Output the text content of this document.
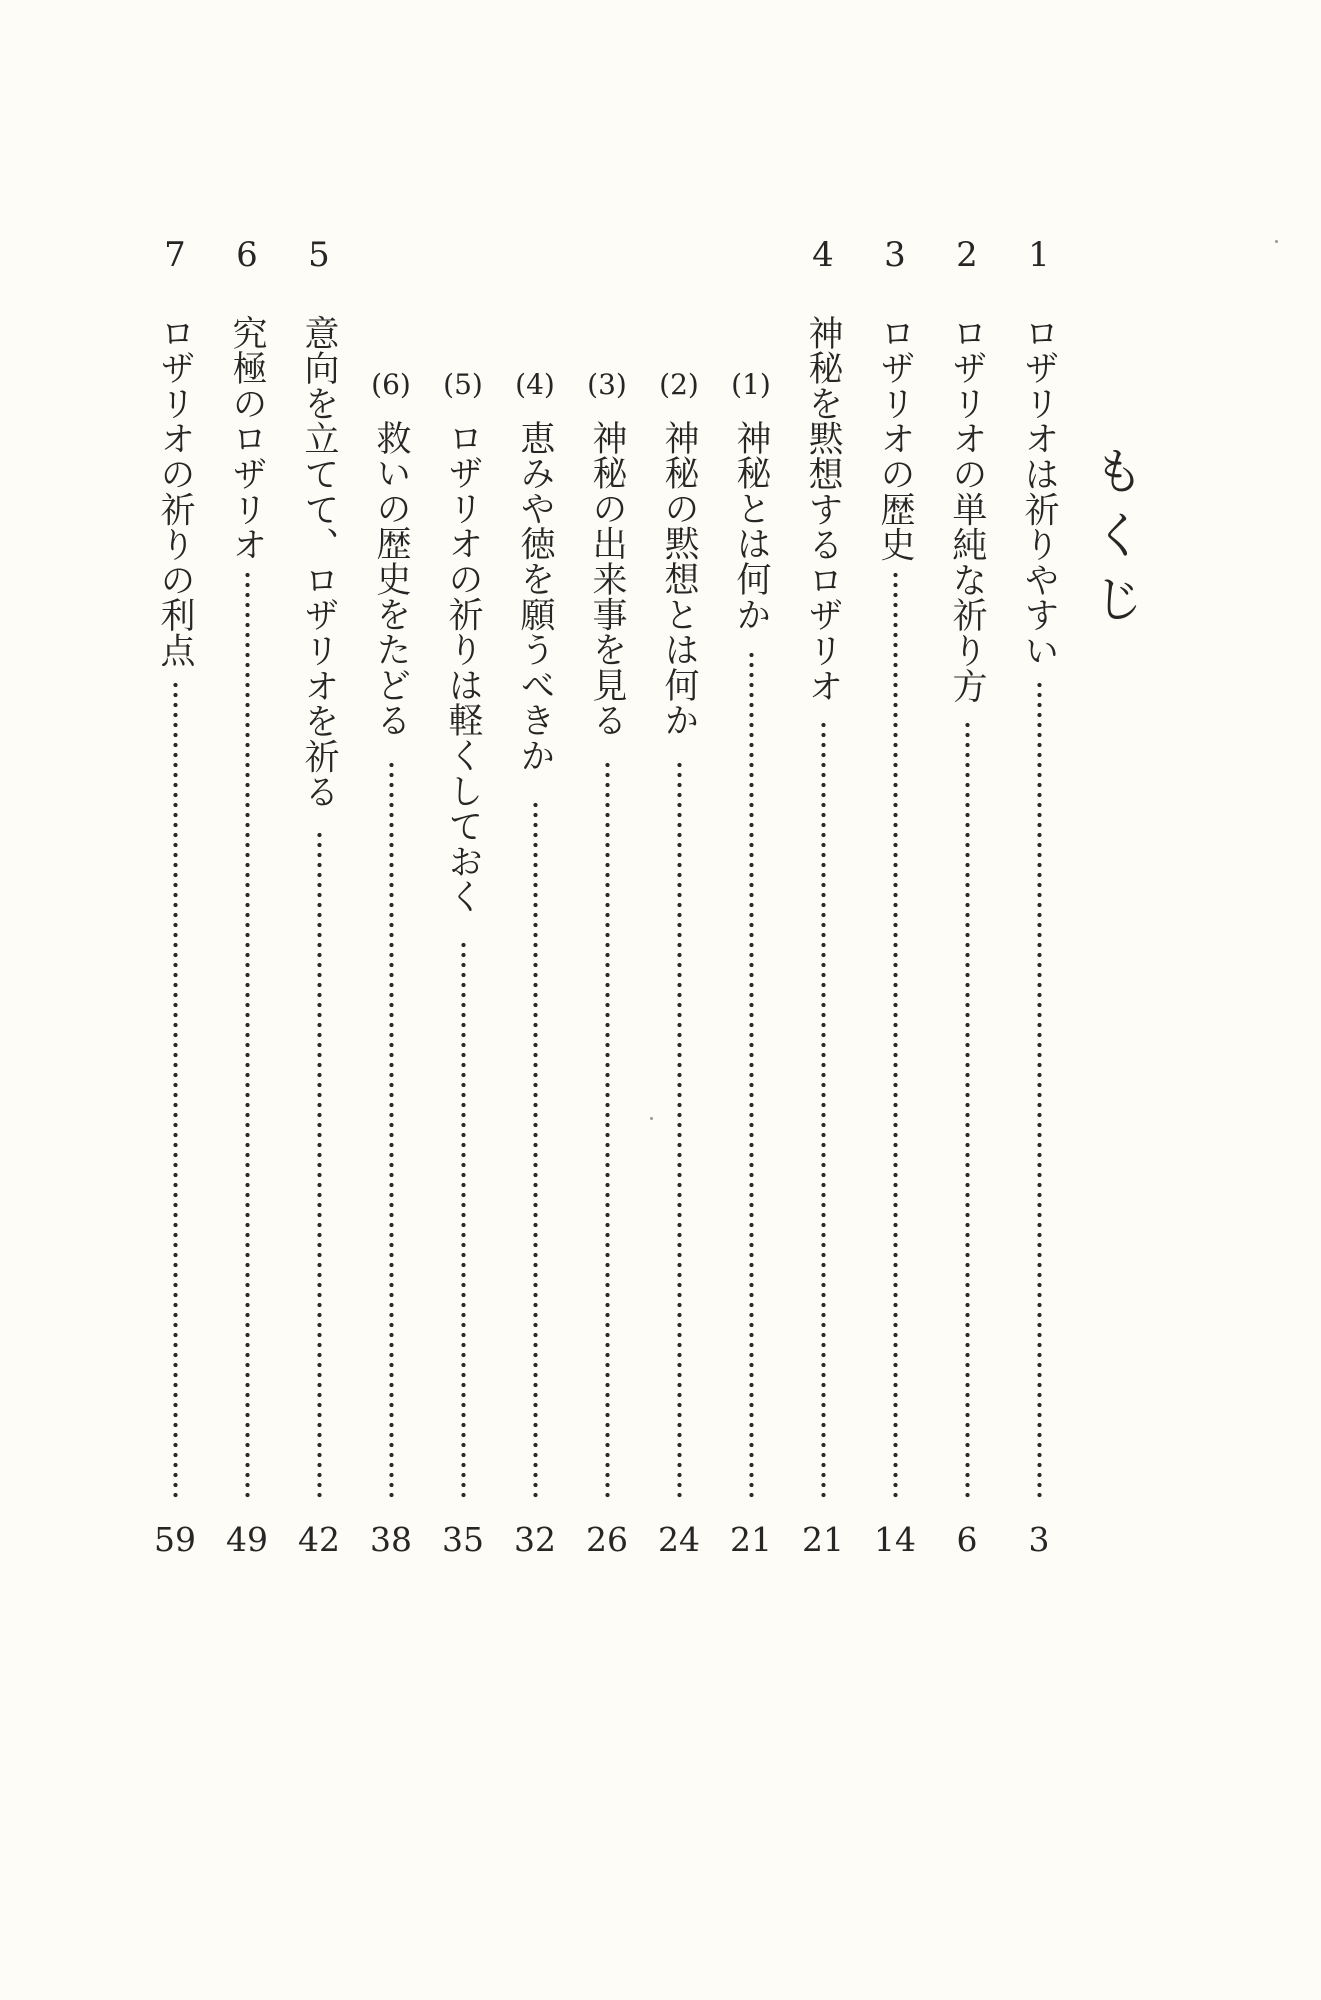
もくじ
1
ロザリオは祈りやすい
3
2
ロザリオの単純な祈り方
6
3
ロザリオの歴史
14
4
神秘を黙想するロザリオ
21
(1)
神秘とは何か
21
(2)
神秘の黙想とは何か
24
(3)
神秘の出来事を見る
26
(4)
恵みや徳を願うべきか
32
(5)
ロザリオの祈りは軽くしておく
35
(6)
救いの歴史をたどる
38
5
意向を立てて、ロザリオを祈る
42
6
究極のロザリオ
49
7
ロザリオの祈りの利点
59
